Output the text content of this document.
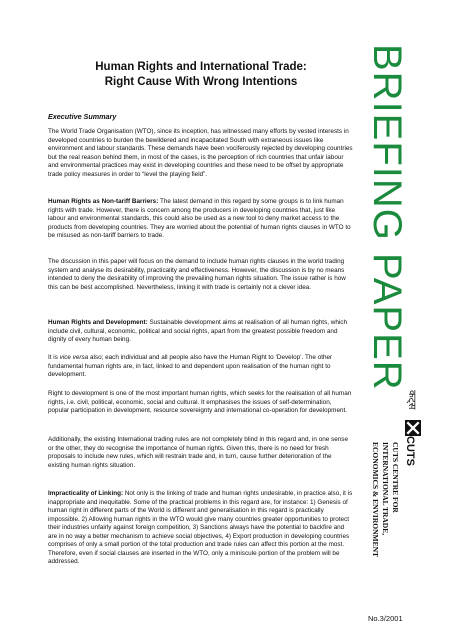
Human Rights and International Trade:
Right Cause With Wrong Intentions
Executive Summary

The World Trade Organisation (WTO), since its inception, has witnessed many efforts by vested interests in developed countries to burden the bewildered and incapacitated South with extraneous issues like environment and labour standards. These demands have been vociferously rejected by developing countries but the real reason behind them, in most of the cases, is the perception of rich countries that unfair labour and environmental practices may exist in developing countries and these need to be offset by appropriate trade policy measures in order to “level the playing field”.

Human Rights as Non-tariff Barriers: The latest demand in this regard by some groups is to link human rights with trade. However, there is concern among the producers in developing countries that, just like labour and environmental standards, this could also be used as a new tool to deny market access to the products from developing countries. They are worried about the potential of human rights clauses in WTO to be misused as non-tariff barriers to trade.

The discussion in this paper will focus on the demand to include human rights clauses in the world trading system and analyse its desirability, practicality and effectiveness. However, the discussion is by no means intended to deny the desirability of improving the prevailing human rights situation. The issue rather is how this can be best accomplished. Nevertheless, linking it with trade is certainly not a clever idea.

Human Rights and Development: Sustainable development aims at realisation of all human rights, which include civil, cultural, economic, political and social rights, apart from the greatest possible freedom and dignity of every human being.

It is vice versa also; each individual and all people also have the Human Right to ‘Develop’. The other fundamental human rights are, in fact, linked to and dependent upon realisation of the human right to development.

Right to development is one of the most important human rights, which seeks for the realisation of all human rights, i.e. civil, political, economic, social and cultural. It emphasises the issues of self-determination, popular participation in development, resource sovereignty and international co-operation for development.

Additionally, the existing International trading rules are not completely blind in this regard and, in one sense or the other, they do recognise the importance of human rights. Given this, there is no need for fresh proposals to include new rules, which will restrain trade and, in turn, cause further deterioration of the existing human rights situation.

Impracticality of Linking: Not only is the linking of trade and human rights undesirable, in practice also, it is inappropriate and inequitable. Some of the practical problems in this regard are, for instance: 1) Genesis of human right in different parts of the World is different and generalisation in this regard is practically impossible. 2) Allowing human rights in the WTO would give many countries greater opportunities to protect their industries unfairly against foreign competition, 3) Sanctions always have the potential to backfire and are in no way a better mechanism to achieve social objectives, 4) Export production in developing countries comprises of only a small portion of the total production and trade rules can affect this portion at the most. Therefore, even if social clauses are inserted in the WTO, only a miniscule portion of the problem will be addressed.

BRIEFING PAPER
कट्स
CUTS
CUTS CENTRE FOR
INTERNATIONAL TRADE,
ECONOMICS & ENVIRONMENT
No.3/2001
